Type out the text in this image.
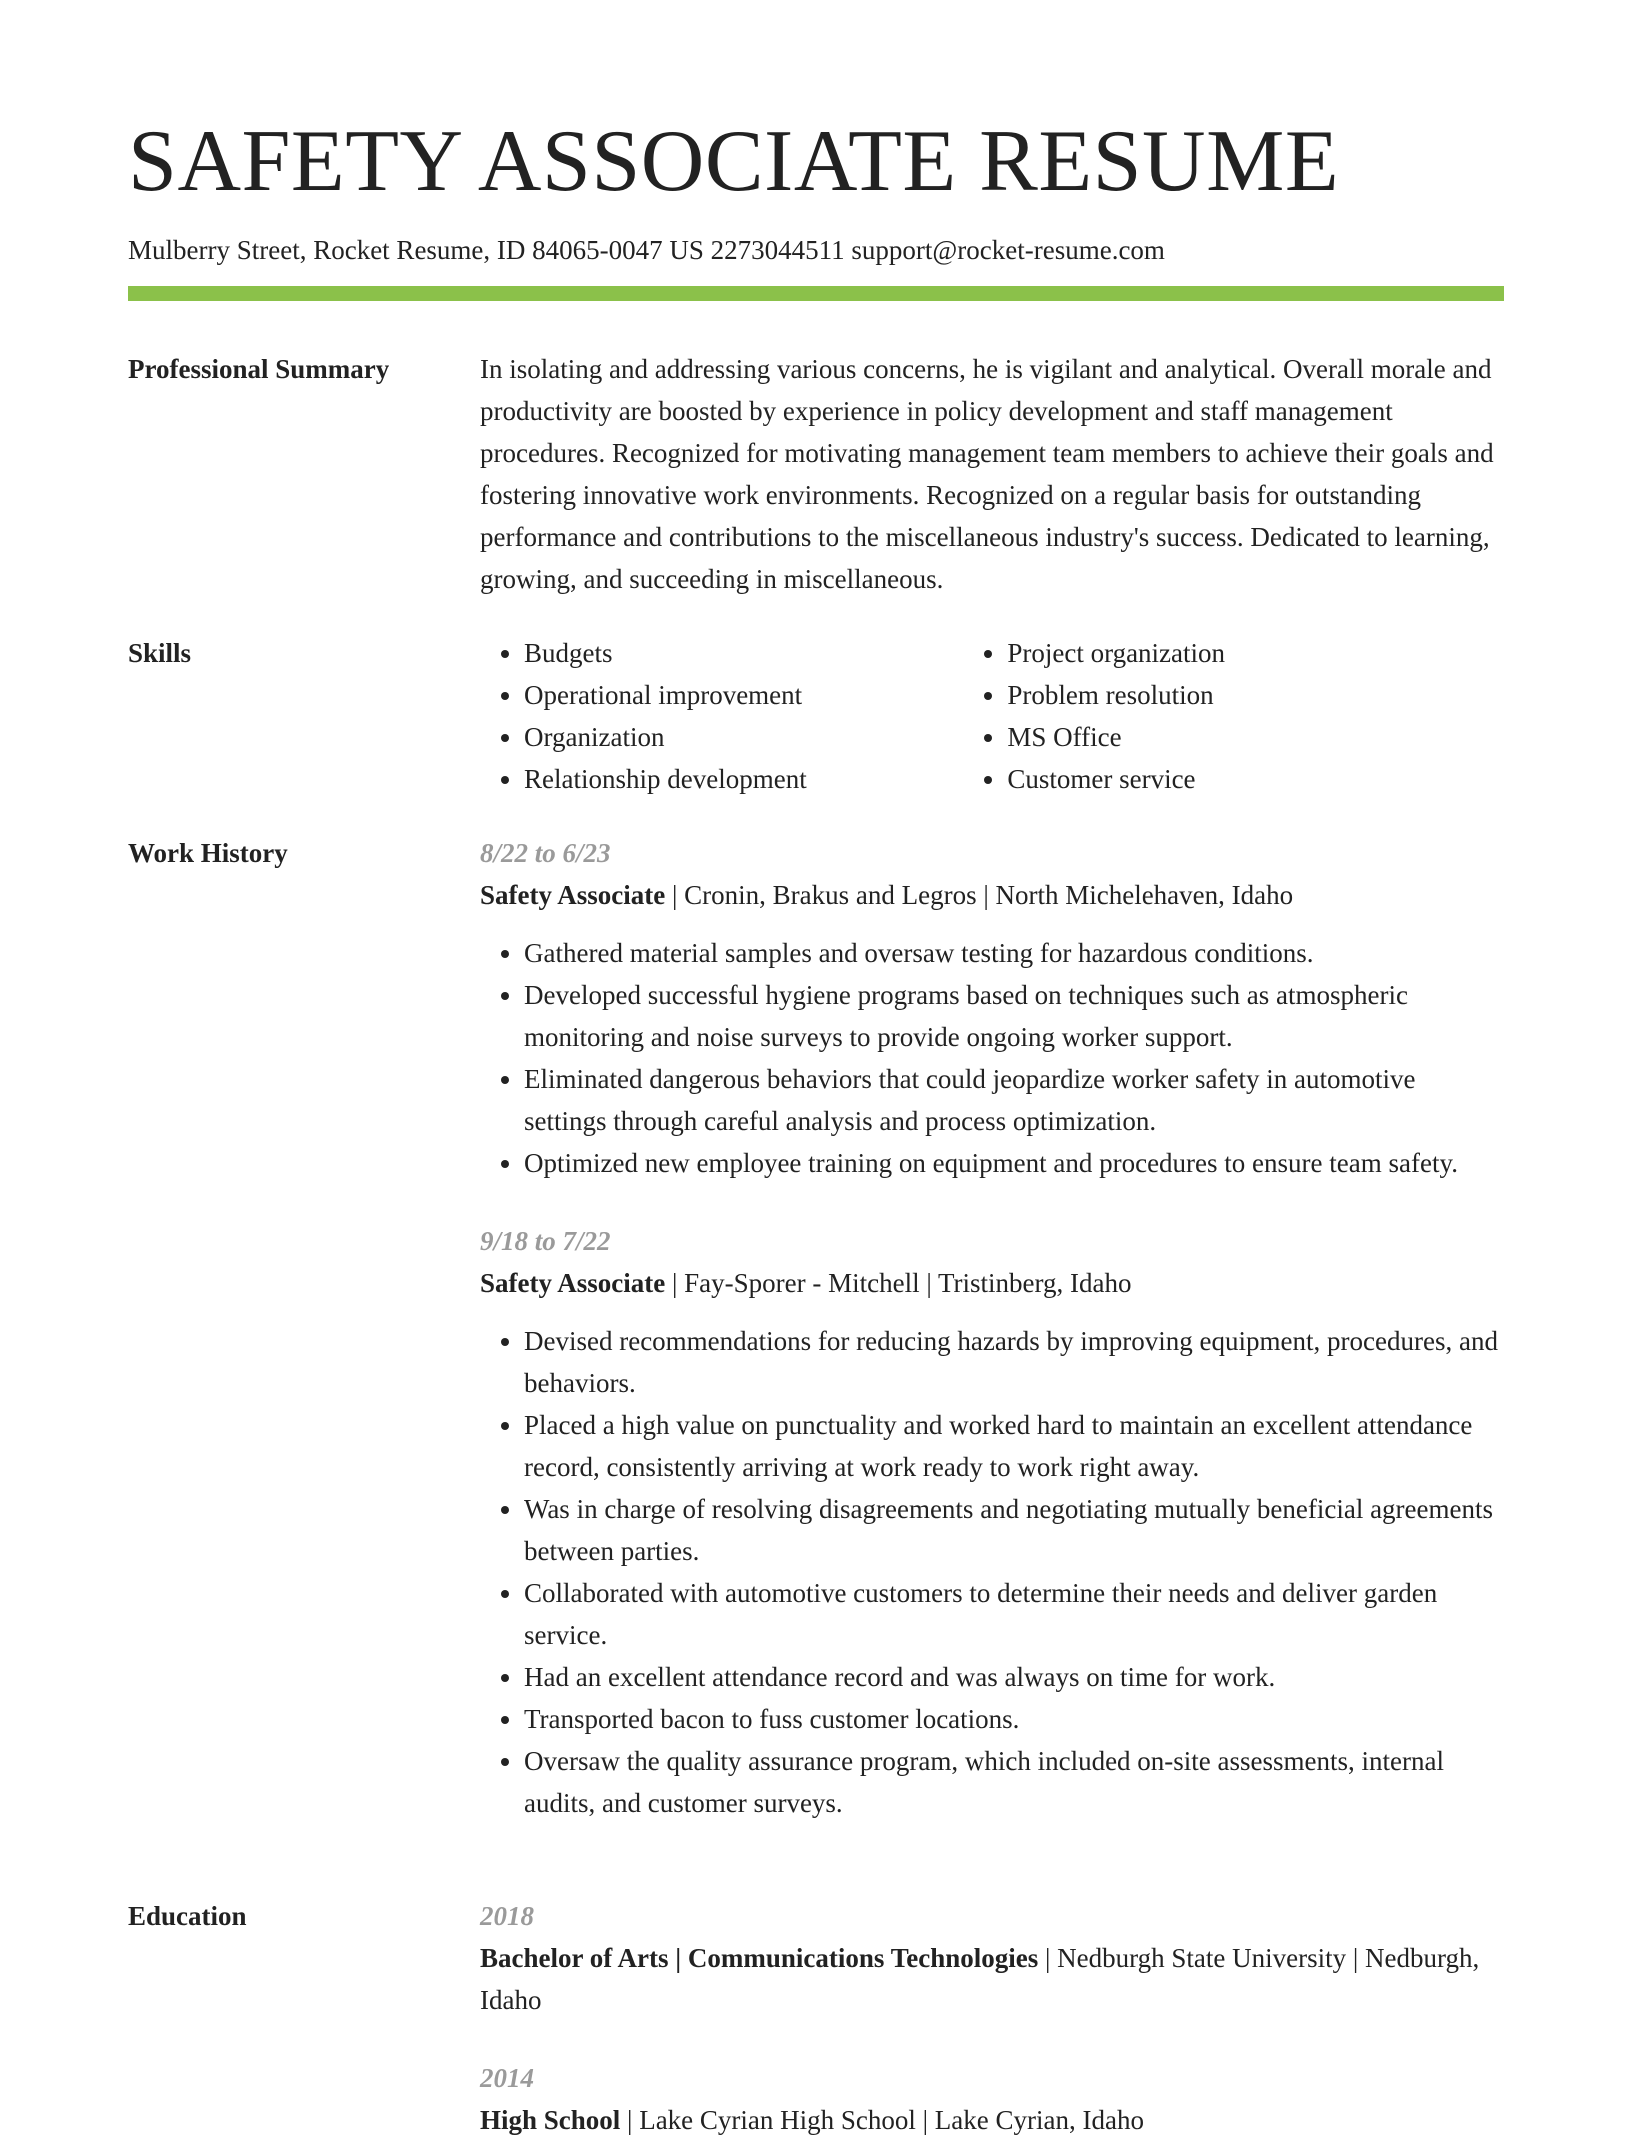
SAFETY ASSOCIATE RESUME
Mulberry Street, Rocket Resume, ID 84065-0047 US 2273044511 support@rocket-resume.com
Professional Summary	In isolating and addressing various concerns, he is vigilant and analytical. Overall morale and productivity are boosted by experience in policy development and staff management procedures. Recognized for motivating management team members to achieve their goals and fostering innovative work environments. Recognized on a regular basis for outstanding performance and contributions to the miscellaneous industry's success. Dedicated to learning, growing, and succeeding in miscellaneous.

Skills
•	Budgets
• Operational improvement
• Organization
• Relationship development
• Project organization
• Problem resolution
• MS Office
• Customer service
Work History	8/22 to 6/23
Safety Associate | Cronin, Brakus and Legros | North Michelehaven, Idaho
• Gathered material samples and oversaw testing for hazardous conditions.
• Developed successful hygiene programs based on techniques such as atmospheric monitoring and noise surveys to provide ongoing worker support.
• Eliminated dangerous behaviors that could jeopardize worker safety in automotive settings through careful analysis and process optimization.
• Optimized new employee training on equipment and procedures to ensure team safety.
9/18 to 7/22
Safety Associate | Fay-Sporer - Mitchell | Tristinberg, Idaho
• Devised recommendations for reducing hazards by improving equipment, procedures, and behaviors.
• Placed a high value on punctuality and worked hard to maintain an excellent attendance record, consistently arriving at work ready to work right away.
• Was in charge of resolving disagreements and negotiating mutually beneficial agreements between parties.
• Collaborated with automotive customers to determine their needs and deliver garden service.
• Had an excellent attendance record and was always on time for work.
• Transported bacon to fuss customer locations.
• Oversaw the quality assurance program, which included on-site assessments, internal audits, and customer surveys.
Education	2018
Bachelor of Arts | Communications Technologies | Nedburgh State University | Nedburgh, Idaho
2014
High School | Lake Cyrian High School | Lake Cyrian, Idaho
